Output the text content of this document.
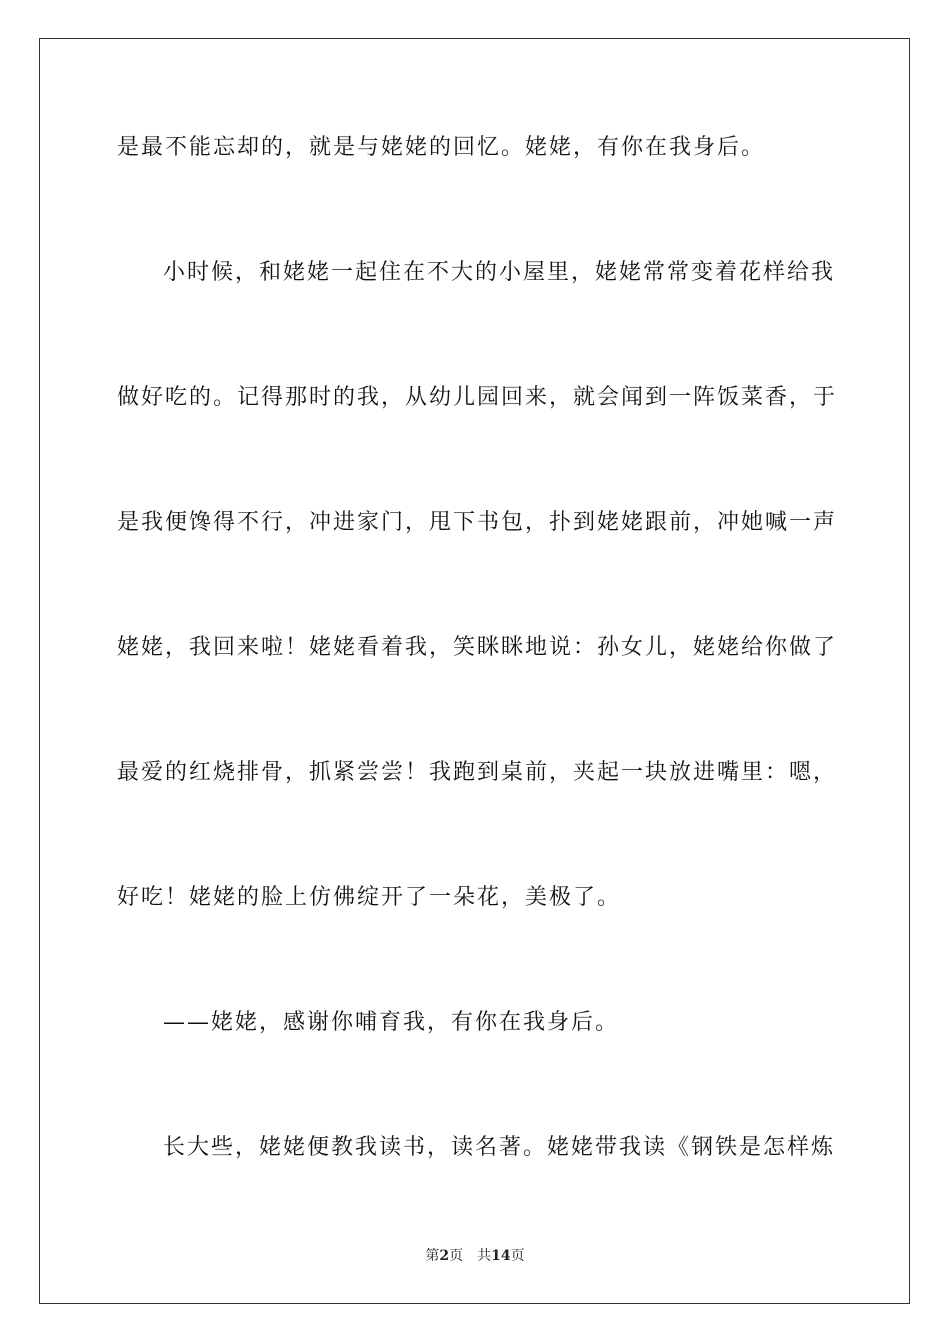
是最不能忘却的，就是与姥姥的回忆。姥姥，有你在我身后。
小时候，和姥姥一起住在不大的小屋里，姥姥常常变着花样给我
做好吃的。记得那时的我，从幼儿园回来，就会闻到一阵饭菜香，于
是我便馋得不行，冲进家门，甩下书包，扑到姥姥跟前，冲她喊一声
姥姥，我回来啦！姥姥看着我，笑眯眯地说：孙女儿，姥姥给你做了
最爱的红烧排骨，抓紧尝尝！我跑到桌前，夹起一块放进嘴里：嗯，
好吃！姥姥的脸上仿佛绽开了一朵花，美极了。
——姥姥，感谢你哺育我，有你在我身后。
长大些，姥姥便教我读书，读名著。姥姥带我读《钢铁是怎样炼
第2页 共14页
